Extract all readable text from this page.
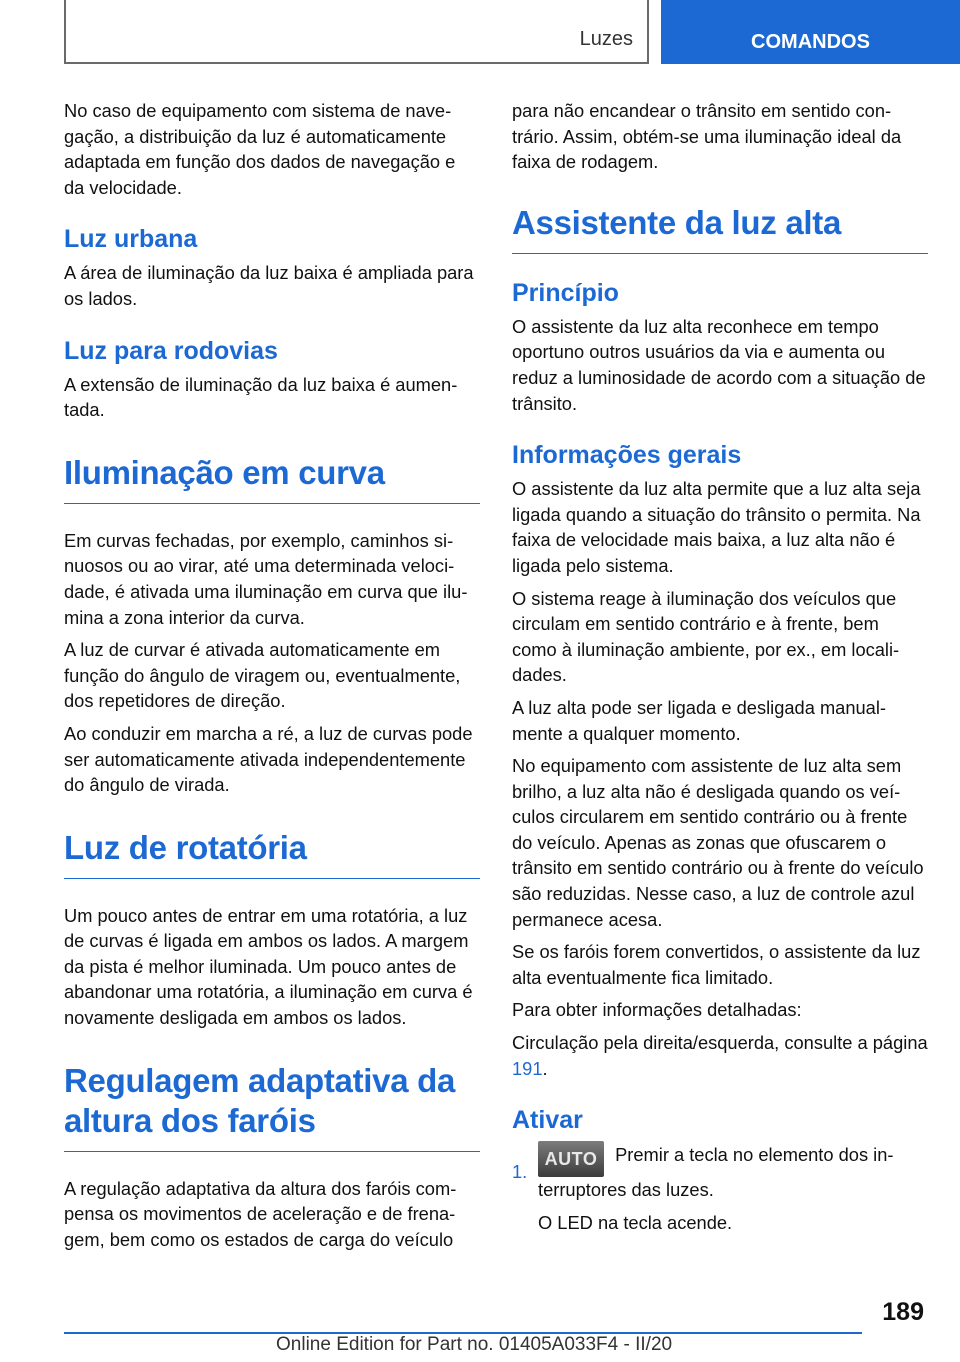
Luzes	COMANDOS

No caso de equipamento com sistema de navegação, a distribuição da luz é automaticamente adaptada em função dos dados de navegação e da velocidade.

Luz urbana

A área de iluminação da luz baixa é ampliada para os lados.

Luz para rodovias

A extensão de iluminação da luz baixa é aumentada.

Iluminação em curva

Em curvas fechadas, por exemplo, caminhos sinuosos ou ao virar, até uma determinada velocidade, é ativada uma iluminação em curva que ilumina a zona interior da curva.

A luz de curvar é ativada automaticamente em função do ângulo de viragem ou, eventualmente, dos repetidores de direção.

Ao conduzir em marcha a ré, a luz de curvas pode ser automaticamente ativada independentemente do ângulo de virada.

Luz de rotatória

Um pouco antes de entrar em uma rotatória, a luz de curvas é ligada em ambos os lados. A margem da pista é melhor iluminada. Um pouco antes de abandonar uma rotatória, a iluminação em curva é novamente desligada em ambos os lados.

Regulagem adaptativa da altura dos faróis

A regulação adaptativa da altura dos faróis compensa os movimentos de aceleração e de frenagem, bem como os estados de carga do veículo

para não encandear o trânsito em sentido contrário. Assim, obtém-se uma iluminação ideal da faixa de rodagem.

Assistente da luz alta
Princípio

O assistente da luz alta reconhece em tempo oportuno outros usuários da via e aumenta ou reduz a luminosidade de acordo com a situação de trânsito.

Informações gerais

O assistente da luz alta permite que a luz alta seja ligada quando a situação do trânsito o permita. Na faixa de velocidade mais baixa, a luz alta não é ligada pelo sistema.

O sistema reage à iluminação dos veículos que circulam em sentido contrário e à frente, bem como à iluminação ambiente, por ex., em localidades.

A luz alta pode ser ligada e desligada manualmente a qualquer momento.

No equipamento com assistente de luz alta sem brilho, a luz alta não é desligada quando os veículos circularem em sentido contrário ou à frente do veículo. Apenas as zonas que ofuscarem o trânsito em sentido contrário ou à frente do veículo são reduzidas. Nesse caso, a luz de controle azul permanece acesa.

Se os faróis forem convertidos, o assistente da luz alta eventualmente fica limitado.

Para obter informações detalhadas:

Circulação pela direita/esquerda, consulte a página 191.

Ativar
1.

AUTO Premir a tecla no elemento dos interruptores das luzes.

O LED na tecla acende.

189
Online Edition for Part no. 01405A033F4 - II/20
